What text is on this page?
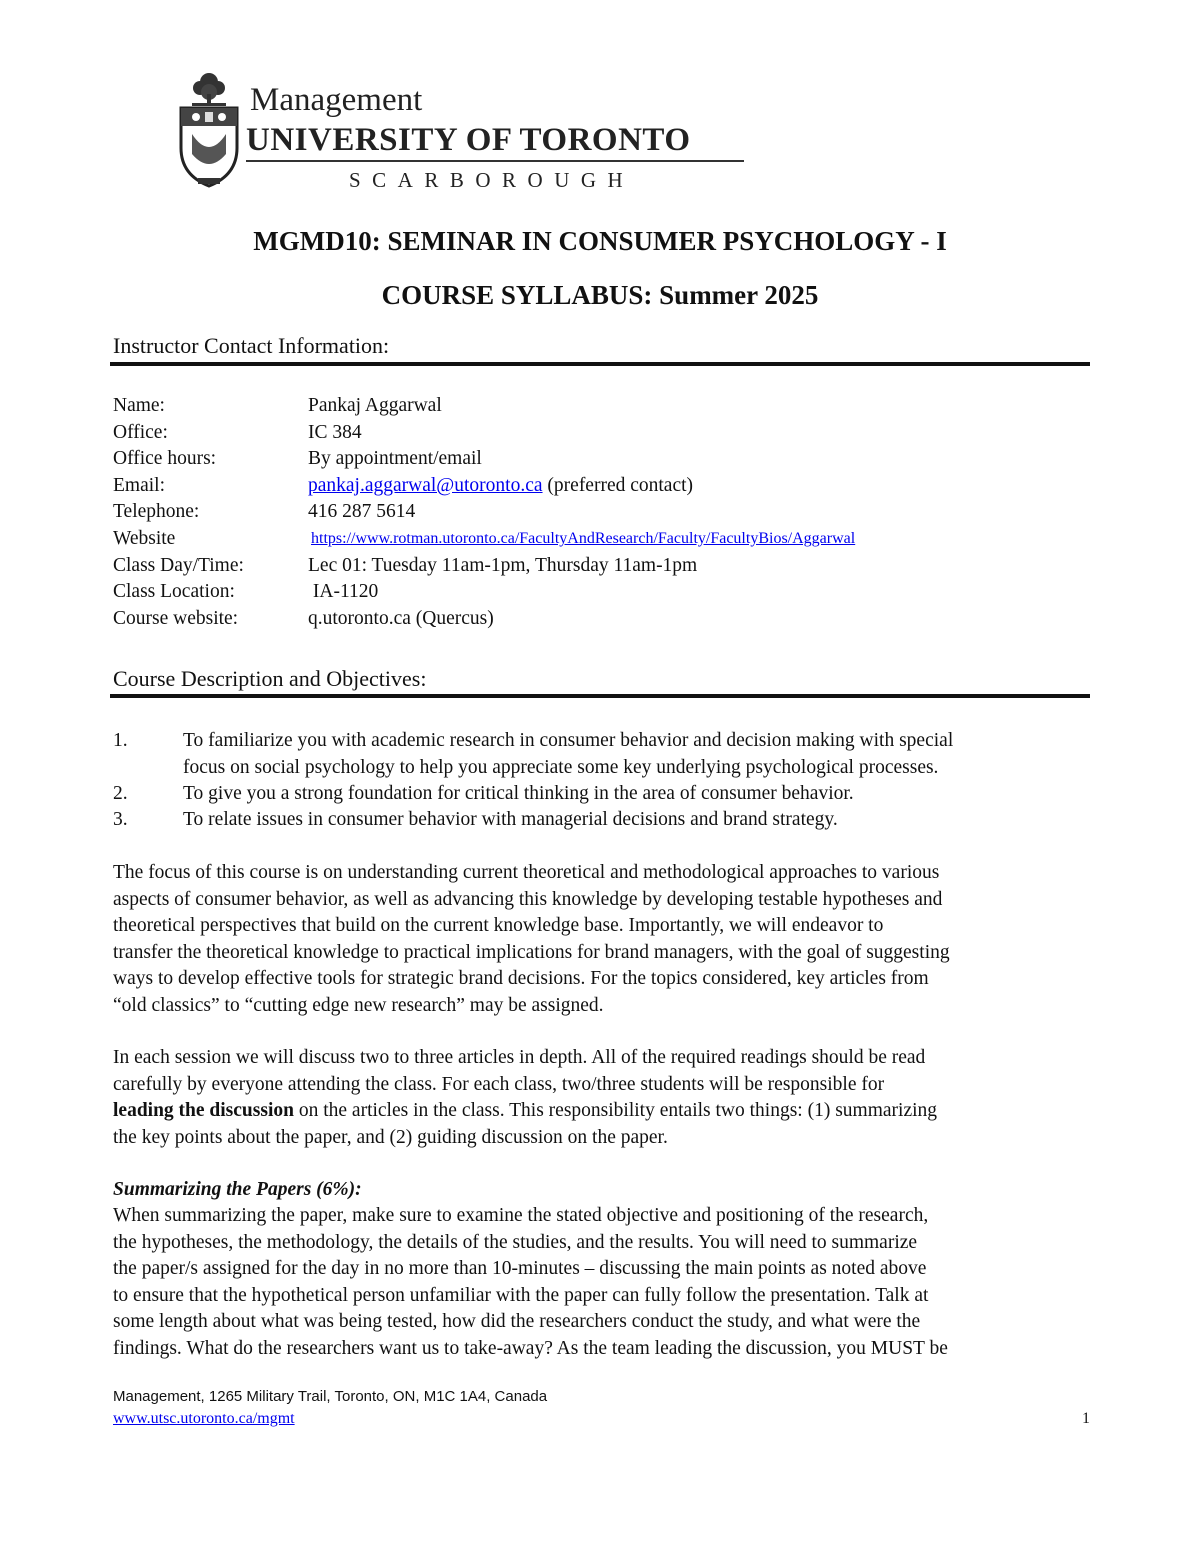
Management
UNIVERSITY OF TORONTO
SCARBOROUGH
MGMD10: SEMINAR IN CONSUMER PSYCHOLOGY - I
COURSE SYLLABUS: Summer 2025
Instructor Contact Information:
Name:	Pankaj Aggarwal
Office:	IC 384
Office hours:	By appointment/email
Email:	pankaj.aggarwal@utoronto.ca (preferred contact)
Telephone:	416 287 5614
Website	https://www.rotman.utoronto.ca/FacultyAndResearch/Faculty/FacultyBios/Aggarwal
Class Day/Time:	Lec 01: Tuesday 11am-1pm, Thursday 11am-1pm
Class Location:	IA-1120
Course website:	q.utoronto.ca (Quercus)
Course Description and Objectives:
1.	To familiarize you with academic research in consumer behavior and decision making with special
focus on social psychology to help you appreciate some key underlying psychological processes.
2.	To give you a strong foundation for critical thinking in the area of consumer behavior.
3.	To relate issues in consumer behavior with managerial decisions and brand strategy.
The focus of this course is on understanding current theoretical and methodological approaches to various
aspects of consumer behavior, as well as advancing this knowledge by developing testable hypotheses and
theoretical perspectives that build on the current knowledge base. Importantly, we will endeavor to
transfer the theoretical knowledge to practical implications for brand managers, with the goal of suggesting
ways to develop effective tools for strategic brand decisions. For the topics considered, key articles from
“old classics” to “cutting edge new research” may be assigned.
In each session we will discuss two to three articles in depth. All of the required readings should be read
carefully by everyone attending the class. For each class, two/three students will be responsible for
leading the discussion on the articles in the class. This responsibility entails two things: (1) summarizing
the key points about the paper, and (2) guiding discussion on the paper.
Summarizing the Papers (6%):
When summarizing the paper, make sure to examine the stated objective and positioning of the research,
the hypotheses, the methodology, the details of the studies, and the results. You will need to summarize
the paper/s assigned for the day in no more than 10-minutes – discussing the main points as noted above
to ensure that the hypothetical person unfamiliar with the paper can fully follow the presentation. Talk at
some length about what was being tested, how did the researchers conduct the study, and what were the
findings. What do the researchers want us to take-away? As the team leading the discussion, you MUST be
Management, 1265 Military Trail, Toronto, ON, M1C 1A4, Canada
www.utsc.utoronto.ca/mgmt	1
